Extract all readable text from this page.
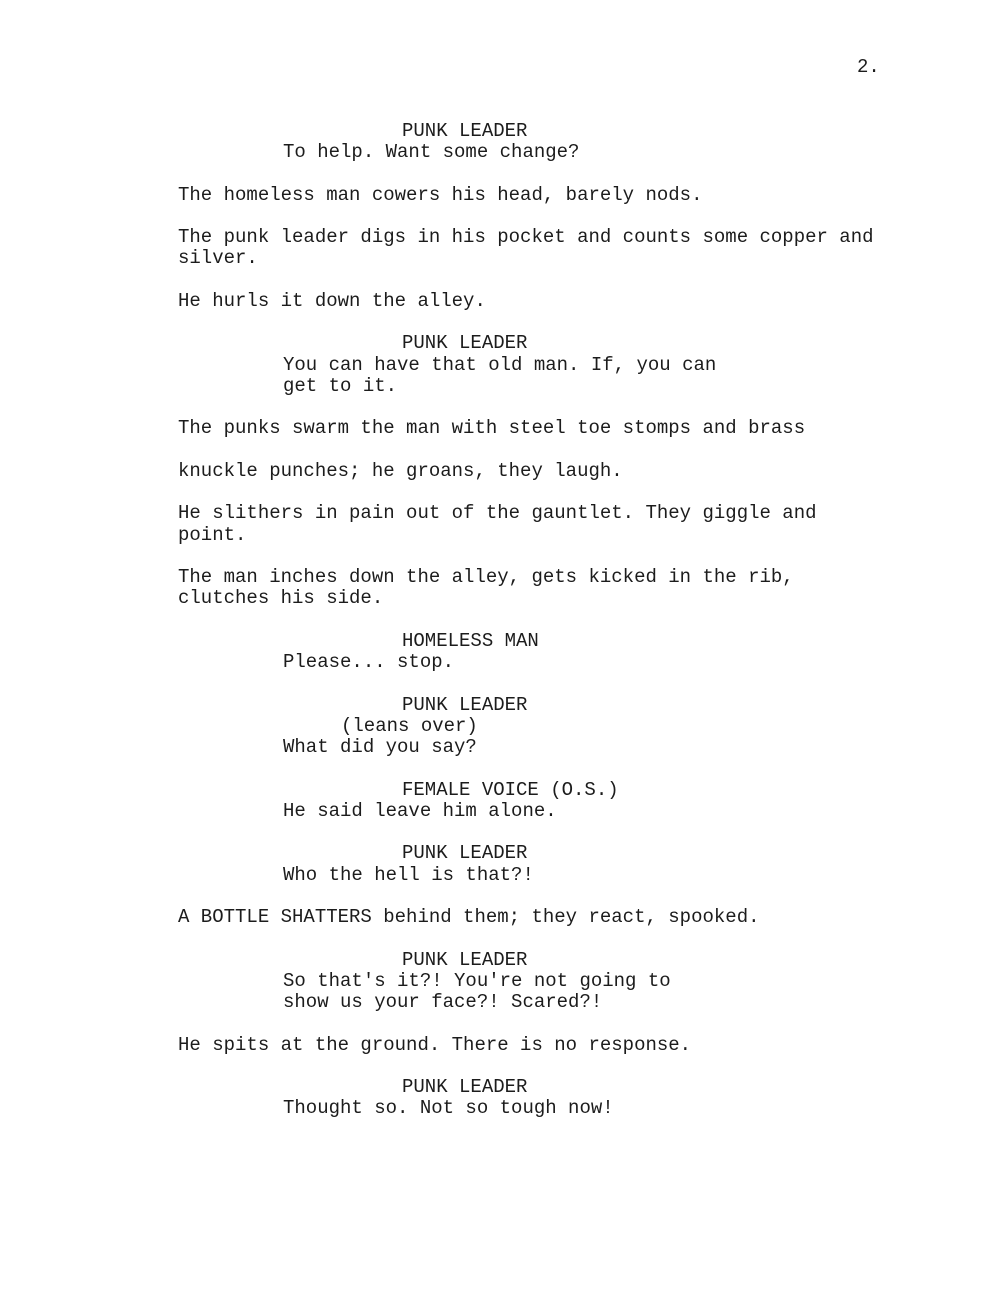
2.
PUNK LEADER
To help. Want some change?
The homeless man cowers his head, barely nods.
The punk leader digs in his pocket and counts some copper and
silver.
He hurls it down the alley.
PUNK LEADER
You can have that old man. If, you can
get to it.
The punks swarm the man with steel toe stomps and brass
knuckle punches; he groans, they laugh.
He slithers in pain out of the gauntlet. They giggle and
point.
The man inches down the alley, gets kicked in the rib,
clutches his side.
HOMELESS MAN
Please... stop.
PUNK LEADER
(leans over)
What did you say?
FEMALE VOICE (O.S.)
He said leave him alone.
PUNK LEADER
Who the hell is that?!
A BOTTLE SHATTERS behind them; they react, spooked.
PUNK LEADER
So that's it?! You're not going to
show us your face?! Scared?!
He spits at the ground. There is no response.
PUNK LEADER
Thought so. Not so tough now!
